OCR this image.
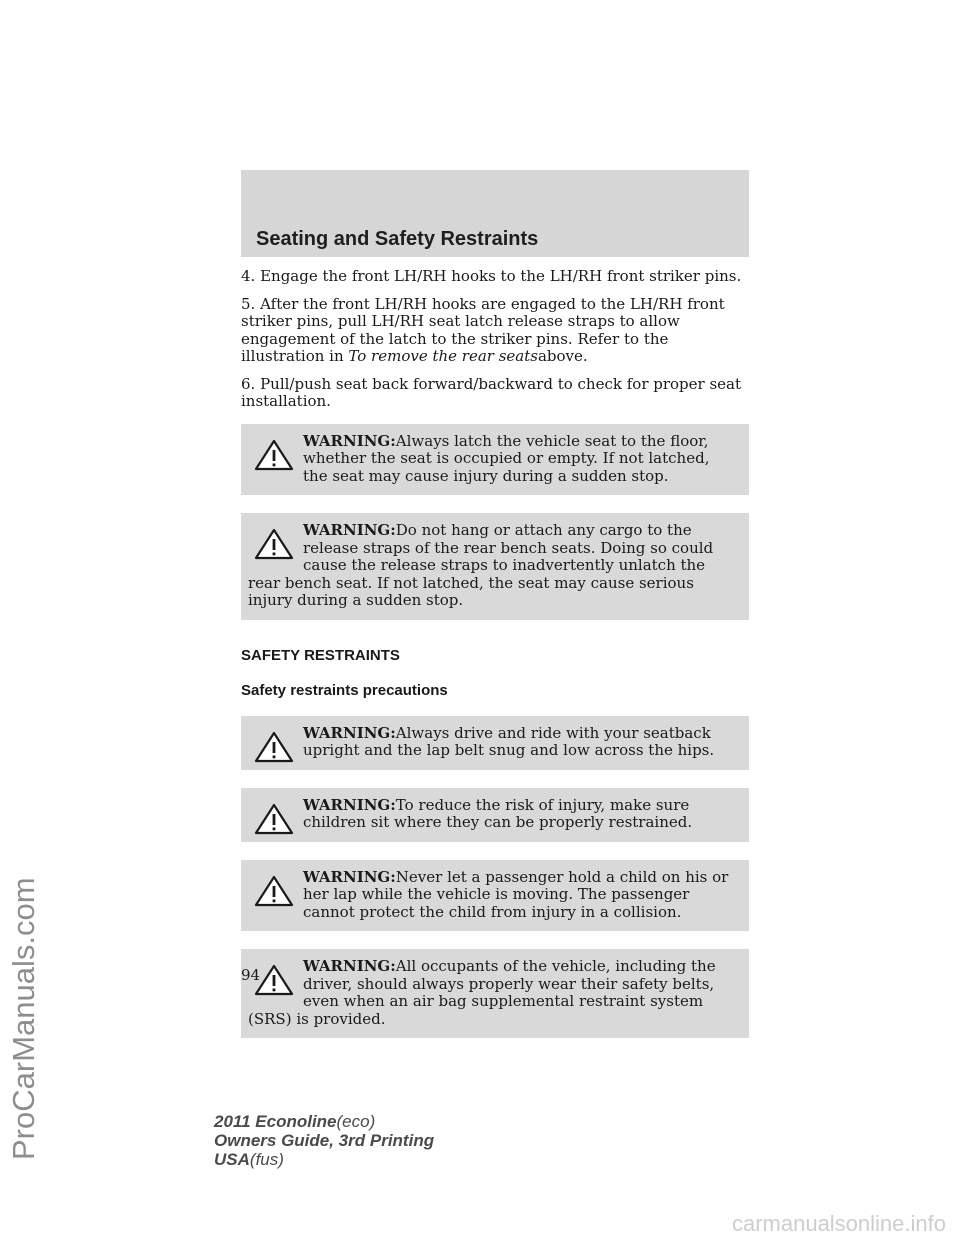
Seating and Safety Restraints

4. Engage the front LH/RH hooks to the LH/RH front striker pins.

5. After the front LH/RH hooks are engaged to the LH/RH front striker pins, pull LH/RH seat latch release straps to allow engagement of the latch to the striker pins. Refer to the illustration in To remove the rear seatsabove.

6. Pull/push seat back forward/backward to check for proper seat installation.

WARNING:Always latch the vehicle seat to the floor, whether the seat is occupied or empty. If not latched, the seat may cause injury during a sudden stop.
WARNING:Do not hang or attach any cargo to the release straps of the rear bench seats. Doing so could cause the release straps to inadvertently unlatch the rear bench seat. If not latched, the seat may cause serious injury during a sudden stop.

SAFETY RESTRAINTS

Safety restraints precautions

WARNING:Always drive and ride with your seatback upright and the lap belt snug and low across the hips.
WARNING:To reduce the risk of injury, make sure children sit where they can be properly restrained.
WARNING:Never let a passenger hold a child on his or her lap while the vehicle is moving. The passenger cannot protect the child from injury in a collision.
WARNING:All occupants of the vehicle, including the driver, should always properly wear their safety belts, even when an air bag supplemental restraint system (SRS) is provided.
94
2011 Econoline(eco)
Owners Guide, 3rd Printing
USA(fus)
ProCarManuals.com
carmanualsonline.info
